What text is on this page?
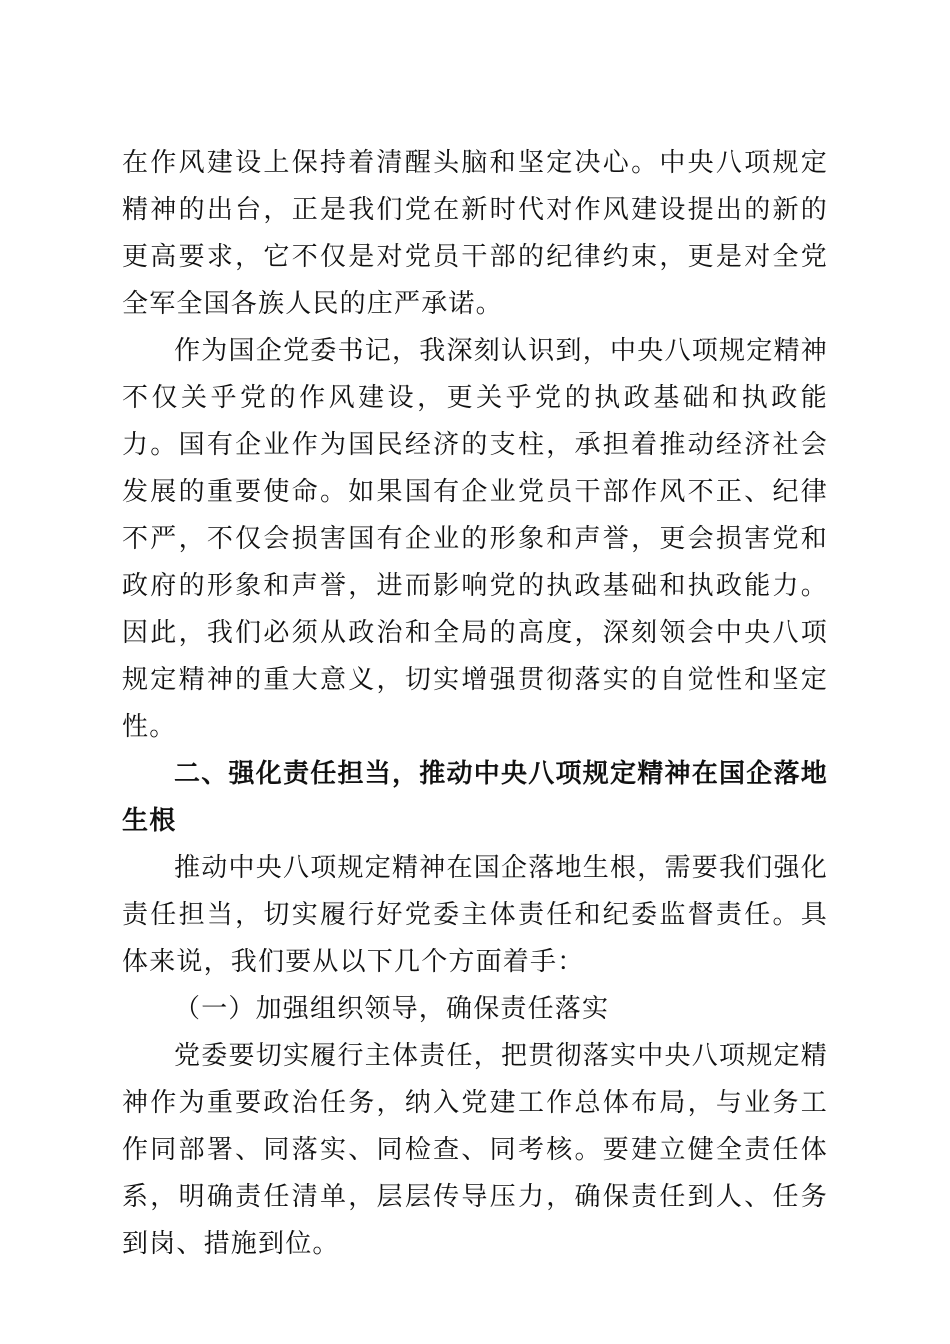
在作风建设上保持着清醒头脑和坚定决心。中央八项规定精神的出台，正是我们党在新时代对作风建设提出的新的更高要求，它不仅是对党员干部的纪律约束，更是对全党全军全国各族人民的庄严承诺。

作为国企党委书记，我深刻认识到，中央八项规定精神不仅关乎党的作风建设，更关乎党的执政基础和执政能力。国有企业作为国民经济的支柱，承担着推动经济社会发展的重要使命。如果国有企业党员干部作风不正、纪律不严，不仅会损害国有企业的形象和声誉，更会损害党和政府的形象和声誉，进而影响党的执政基础和执政能力。因此，我们必须从政治和全局的高度，深刻领会中央八项规定精神的重大意义，切实增强贯彻落实的自觉性和坚定性。

二、强化责任担当，推动中央八项规定精神在国企落地生根

推动中央八项规定精神在国企落地生根，需要我们强化责任担当，切实履行好党委主体责任和纪委监督责任。具体来说，我们要从以下几个方面着手：

（一）加强组织领导，确保责任落实

党委要切实履行主体责任，把贯彻落实中央八项规定精神作为重要政治任务，纳入党建工作总体布局，与业务工作同部署、同落实、同检查、同考核。要建立健全责任体系，明确责任清单，层层传导压力，确保责任到人、任务到岗、措施到位。
